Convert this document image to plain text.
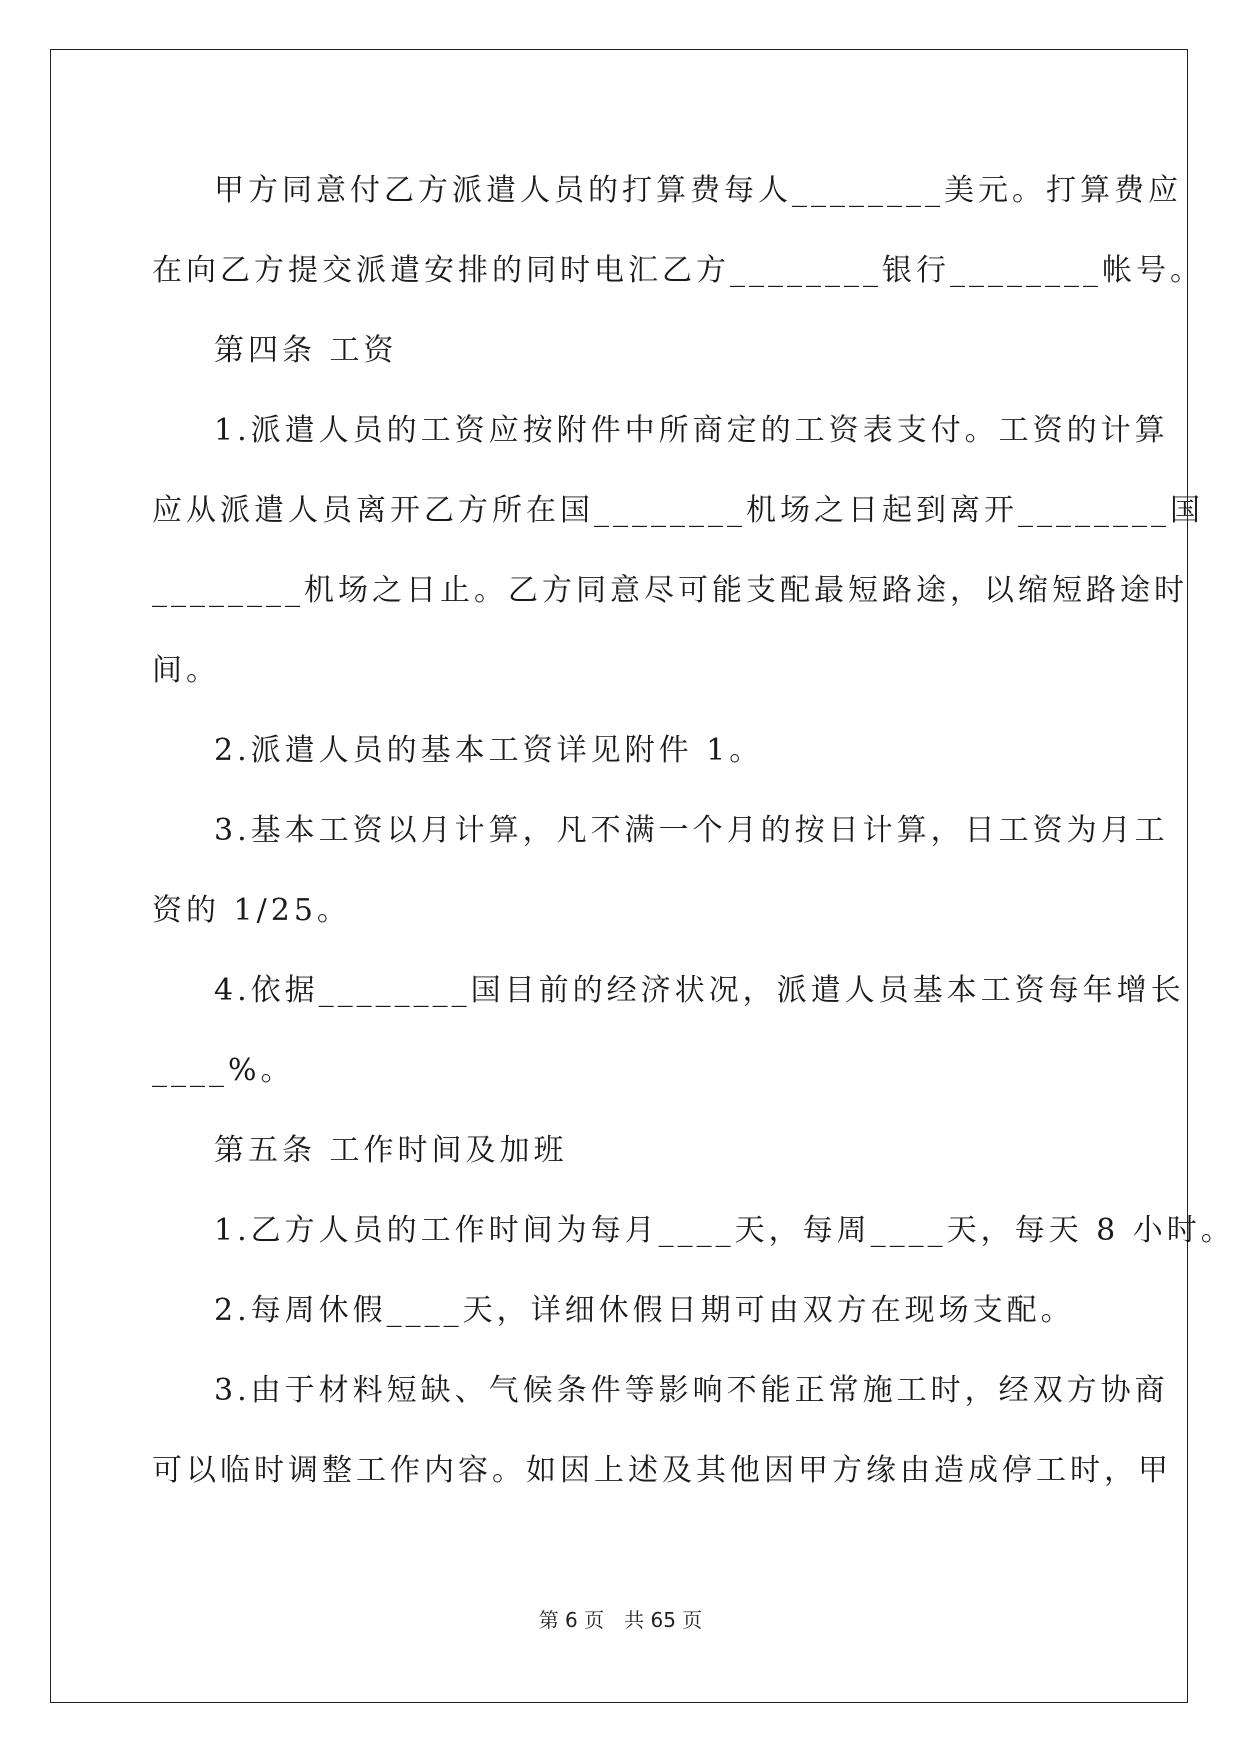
甲方同意付乙方派遣人员的打算费每人________美元。打算费应
在向乙方提交派遣安排的同时电汇乙方________银行________帐号。
第四条 工资
1.派遣人员的工资应按附件中所商定的工资表支付。工资的计算
应从派遣人员离开乙方所在国________机场之日起到离开________国
________机场之日止。乙方同意尽可能支配最短路途，以缩短路途时
间。
2.派遣人员的基本工资详见附件 1。
3.基本工资以月计算，凡不满一个月的按日计算，日工资为月工
资的 1/25。
4.依据________国目前的经济状况，派遣人员基本工资每年增长
____%。
第五条 工作时间及加班
1.乙方人员的工作时间为每月____天，每周____天，每天 8 小时。
2.每周休假____天，详细休假日期可由双方在现场支配。
3.由于材料短缺、气候条件等影响不能正常施工时，经双方协商
可以临时调整工作内容。如因上述及其他因甲方缘由造成停工时，甲
第 6 页　共 65 页
